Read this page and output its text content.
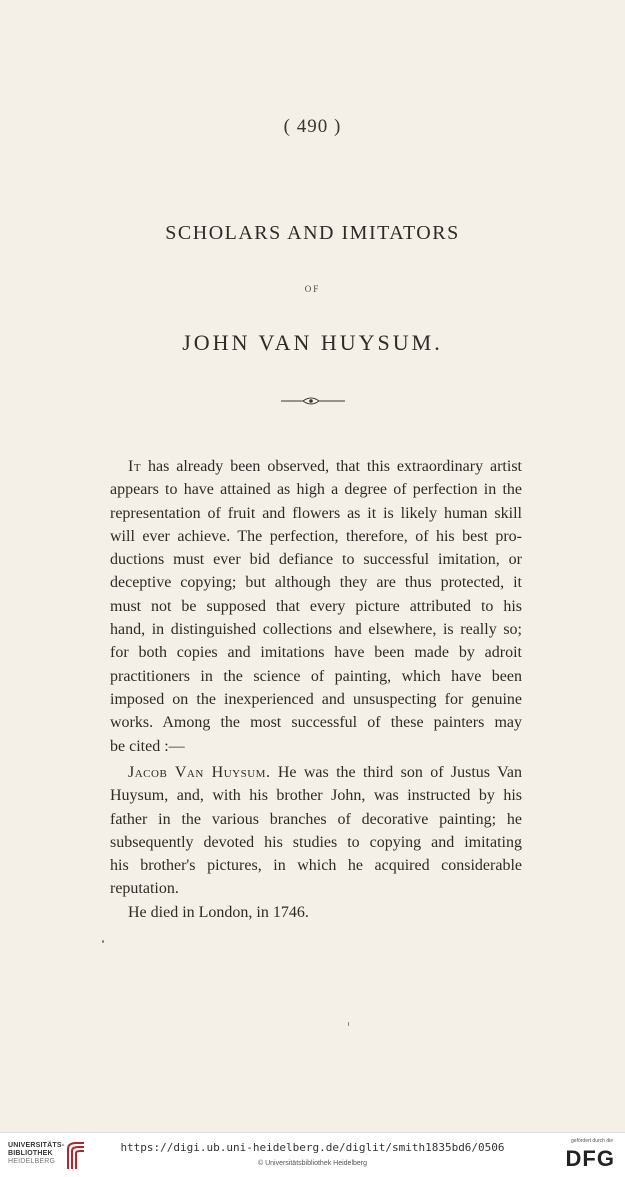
( 490 )
SCHOLARS AND IMITATORS
OF
JOHN VAN HUYSUM.
It has already been observed, that this extraordinary artist
appears to have attained as high a degree of perfection in the
representation of fruit and flowers as it is likely human skill
will ever achieve. The perfection, therefore, of his best pro-
ductions must ever bid defiance to successful imitation, or
deceptive copying; but although they are thus protected, it
must not be supposed that every picture attributed to his
hand, in distinguished collections and elsewhere, is really so;
for both copies and imitations have been made by adroit
practitioners in the science of painting, which have been
imposed on the inexperienced and unsuspecting for genuine
works. Among the most successful of these painters may
be cited :—
Jacob Van Huysum. He was the third son of Justus Van
Huysum, and, with his brother John, was instructed by his
father in the various branches of decorative painting; he
subsequently devoted his studies to copying and imitating
his brother's pictures, in which he acquired considerable
reputation.
He died in London, in 1746.
UNIVERSITÄTS-
BIBLIOTHEK
HEIDELBERG
https://digi.ub.uni-heidelberg.de/diglit/smith1835bd6/0506
© Universitätsbibliothek Heidelberg
gefördert durch die
DFG
